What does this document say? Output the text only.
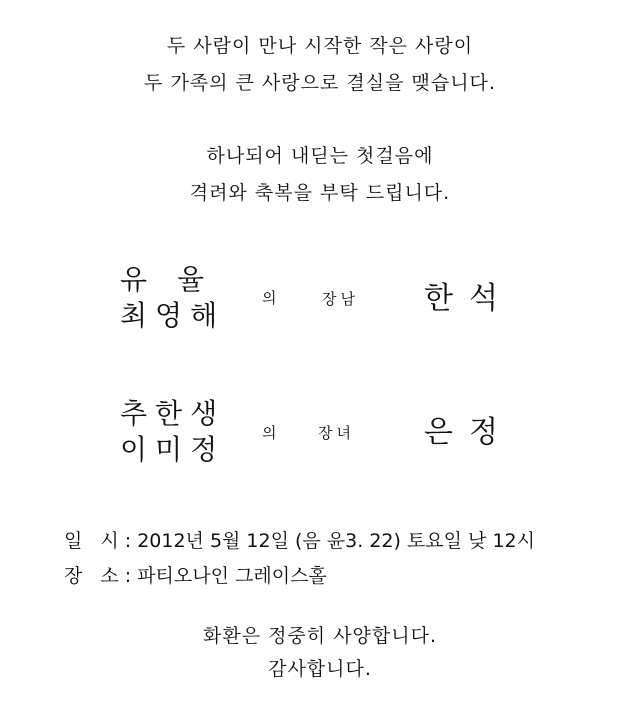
두 사람이 만나 시작한 작은 사랑이
두 가족의 큰 사랑으로 결실을 맺습니다.
하나되어 내딛는 첫걸음에
격려와 축복을 부탁 드립니다.
유율
최영해
의	장남 한석
추한생
이미정 의	장녀 은정
일 시: 2012년 5월 12일 (음 윤3. 22) 토요일 낮 12시
장 소: 파티오나인 그레이스홀
화환은 정중히 사양합니다.
감사합니다.
